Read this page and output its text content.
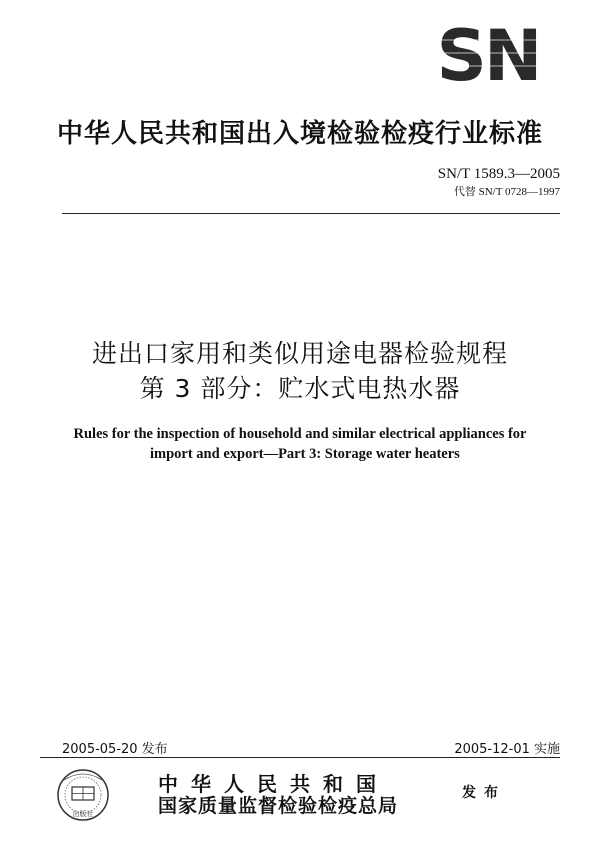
SN
中华人民共和国出入境检验检疫行业标准
SN/T 1589.3—2005
代替 SN/T 0728—1997
进出口家用和类似用途电器检验规程
第 3 部分：贮水式电热水器
Rules for the inspection of household and similar electrical appliances for
import and export—Part 3: Storage water heaters
2005-05-20 发布	2005-12-01 实施
出版社
中华人民共和国
国家质量监督检验检疫总局
发布
